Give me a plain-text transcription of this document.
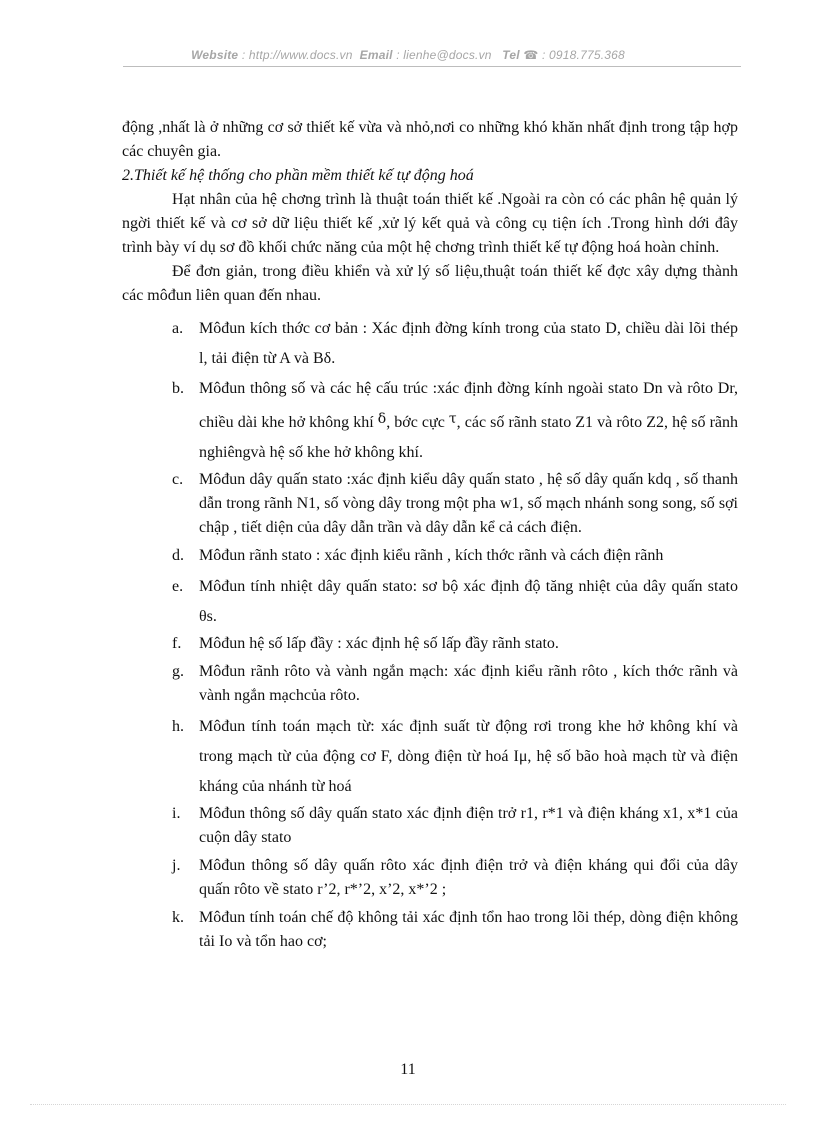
Website : http://www.docs.vn Email : lienhe@docs.vn Tel ☎ : 0918.775.368

động ,nhất là ở những cơ sở thiết kế vừa và nhỏ,nơi co những khó khăn nhất định trong tập hợp các chuyên gia.

2.Thiết kế hệ thống cho phần mềm thiết kế tự động hoá

Hạt nhân của hệ chơng trình là thuật toán thiết kế .Ngoài ra còn có các phân hệ quản lý ngời thiết kế và cơ sở dữ liệu thiết kế ,xử lý kết quả và công cụ tiện ích .Trong hình dới đây trình bày ví dụ sơ đồ khối chức năng của một hệ chơng trình thiết kế tự động hoá hoàn chỉnh.

Để đơn giản, trong điều khiển và xử lý số liệu,thuật toán thiết kế đợc xây dựng thành các môđun liên quan đến nhau.

a. Môđun kích thớc cơ bản : Xác định đờng kính trong của stato D, chiều dài lõi thép l, tải điện từ A và Bδ.
b. Môđun thông số và các hệ cấu trúc :xác định đờng kính ngoài stato Dn và rôto Dr, chiều dài khe hở không khí δ, bớc cực τ, các số rãnh stato Z1 và rôto Z2, hệ số rãnh nghiêngvà hệ số khe hở không khí.
c. Môđun dây quấn stato :xác định kiểu dây quấn stato , hệ số dây quấn kdq , số thanh dẫn trong rãnh N1, số vòng dây trong một pha w1, số mạch nhánh song song, số sợi chập , tiết diện của dây dẫn trần và dây dẫn kể cả cách điện.
d. Môđun rãnh stato : xác định kiểu rãnh , kích thớc rãnh và cách điện rãnh
e. Môđun tính nhiệt dây quấn stato: sơ bộ xác định độ tăng nhiệt của dây quấn stato θs.
f. Môđun hệ số lấp đầy : xác định hệ số lấp đầy rãnh stato.
g. Môđun rãnh rôto và vành ngắn mạch: xác định kiểu rãnh rôto , kích thớc rãnh và vành ngắn mạchcủa rôto.
h. Môđun tính toán mạch từ: xác định suất từ động rơi trong khe hở không khí và trong mạch từ của động cơ F, dòng điện từ hoá Iμ, hệ số bão hoà mạch từ và điện kháng của nhánh từ hoá
i. Môđun thông số dây quấn stato xác định điện trở r1, r*1 và điện kháng x1, x*1 của cuộn dây stato
j. Môđun thông số dây quấn rôto xác định điện trở và điện kháng qui đổi của dây quấn rôto về stato r’2, r*’2, x’2, x*’2 ;
k. Môđun tính toán chế độ không tải xác định tổn hao trong lõi thép, dòng điện không tải Io và tổn hao cơ;
11
